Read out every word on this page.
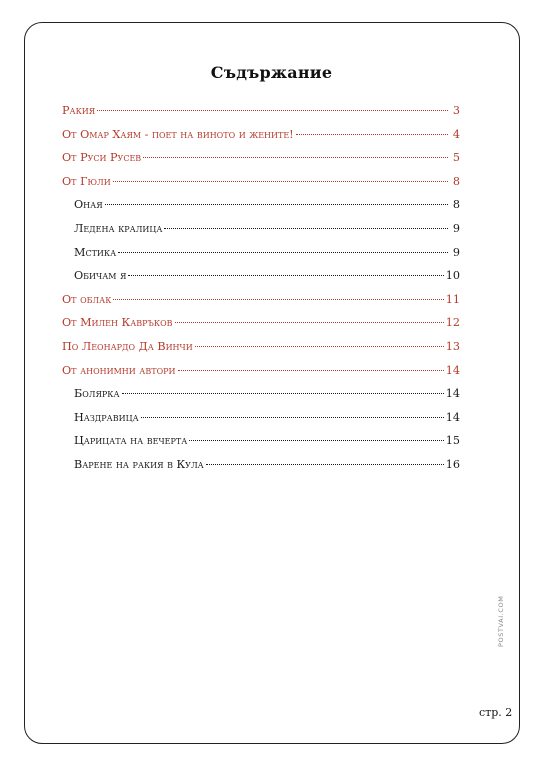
Съдържание
Ракия	3
От Омар Хаям - поет на виното и жените!	4
От Руси Русев	5
От Гюли	8
Оная	8
Ледена кралица	9
Мстика	9
Обичам я	10
От облак	11
От Милен Кавръков	12
По Леонардо Да Винчи	13
От анонимни автори	14
Болярка	14
Наздравица	14
Царицата на вечерта	15
Варене на ракия в Кула	16
POSTVAI.COM
стр. 2
